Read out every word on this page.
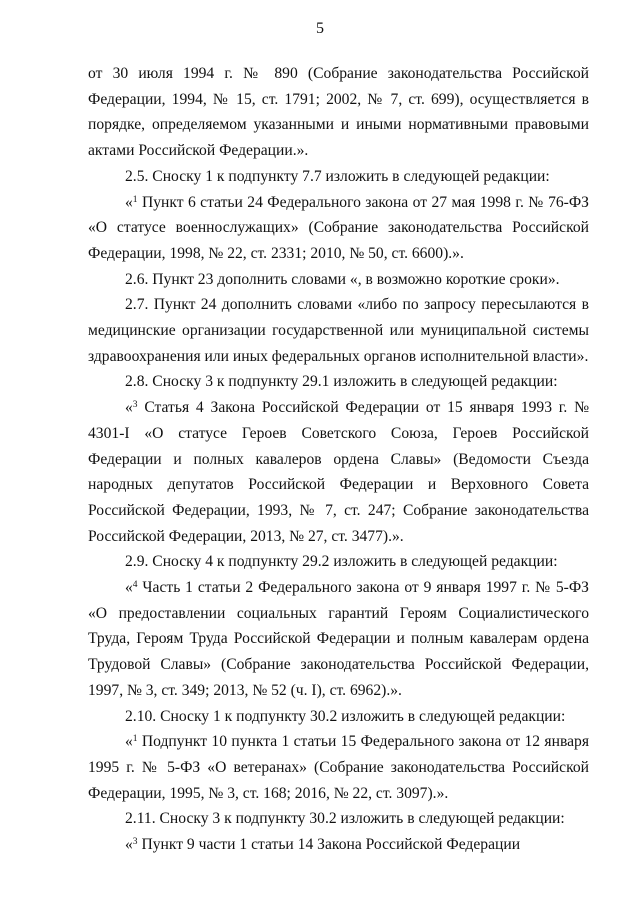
5

от 30 июля 1994 г. № 890 (Собрание законодательства Российской Федерации, 1994, № 15, ст. 1791; 2002, № 7, ст. 699), осуществляется в порядке, определяемом указанными и иными нормативными правовыми актами Российской Федерации.».

2.5. Сноску 1 к подпункту 7.7 изложить в следующей редакции:

«$^1$ Пункт 6 статьи 24 Федерального закона от 27 мая 1998 г. № 76-ФЗ «О статусе военнослужащих» (Собрание законодательства Российской Федерации, 1998, № 22, ст. 2331; 2010, № 50, ст. 6600).».

2.6. Пункт 23 дополнить словами «, в возможно короткие сроки».

2.7. Пункт 24 дополнить словами «либо по запросу пересылаются в медицинские организации государственной или муниципальной системы здравоохранения или иных федеральных органов исполнительной власти».

2.8. Сноску 3 к подпункту 29.1 изложить в следующей редакции:

«$^3$ Статья 4 Закона Российской Федерации от 15 января 1993 г. № 4301-I «О статусе Героев Советского Союза, Героев Российской Федерации и полных кавалеров ордена Славы» (Ведомости Съезда народных депутатов Российской Федерации и Верховного Совета Российской Федерации, 1993, № 7, ст. 247; Собрание законодательства Российской Федерации, 2013, № 27, ст. 3477).».

2.9. Сноску 4 к подпункту 29.2 изложить в следующей редакции:

«$^4$ Часть 1 статьи 2 Федерального закона от 9 января 1997 г. № 5-ФЗ «О предоставлении социальных гарантий Героям Социалистического Труда, Героям Труда Российской Федерации и полным кавалерам ордена Трудовой Славы» (Собрание законодательства Российской Федерации, 1997, № 3, ст. 349; 2013, № 52 (ч. I), ст. 6962).».

2.10. Сноску 1 к подпункту 30.2 изложить в следующей редакции:

«$^1$ Подпункт 10 пункта 1 статьи 15 Федерального закона от 12 января 1995 г. № 5-ФЗ «О ветеранах» (Собрание законодательства Российской Федерации, 1995, № 3, ст. 168; 2016, № 22, ст. 3097).».

2.11. Сноску 3 к подпункту 30.2 изложить в следующей редакции:

«$^3$ Пункт 9 части 1 статьи 14 Закона Российской Федерации
